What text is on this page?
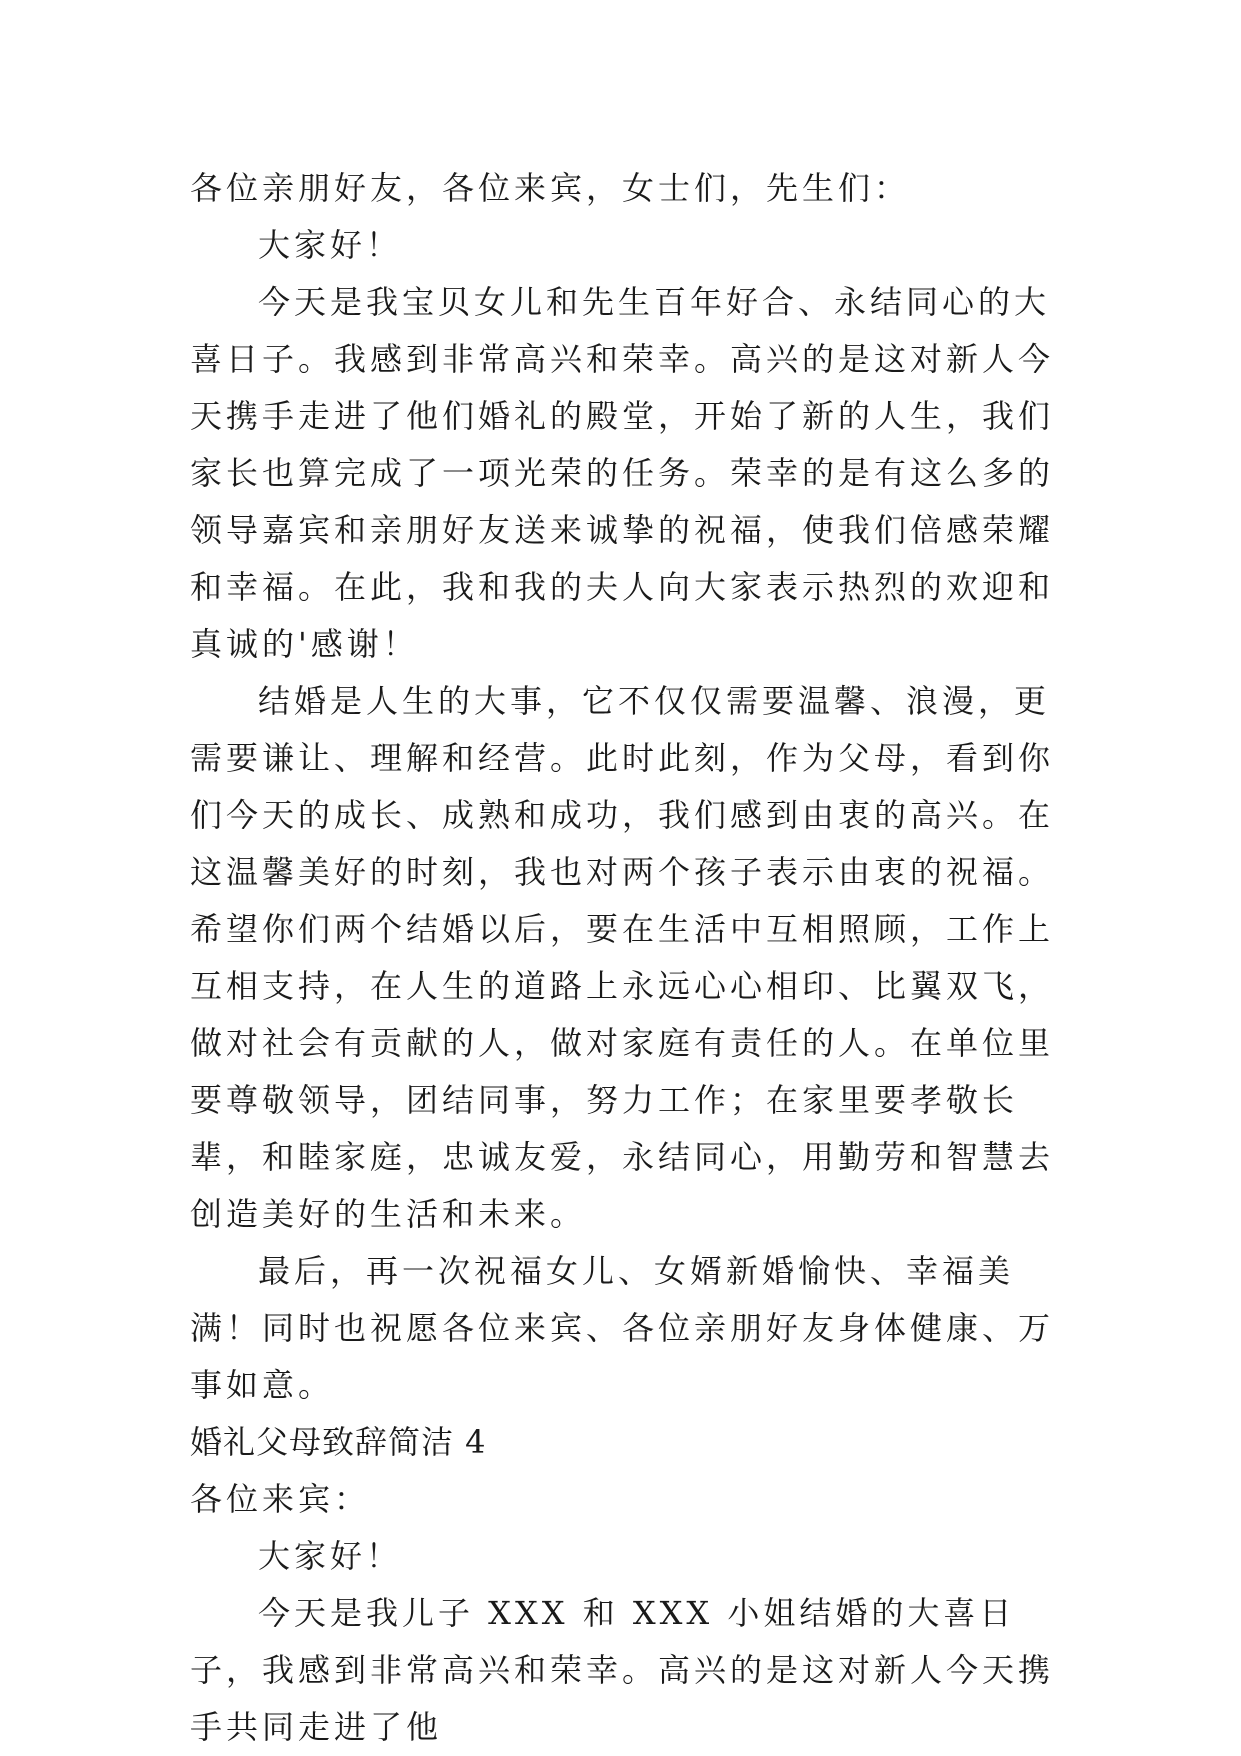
各位亲朋好友，各位来宾，女士们，先生们：

大家好！

今天是我宝贝女儿和先生百年好合、永结同心的大喜日子。我感到非常高兴和荣幸。高兴的是这对新人今天携手走进了他们婚礼的殿堂，开始了新的人生，我们家长也算完成了一项光荣的任务。荣幸的是有这么多的领导嘉宾和亲朋好友送来诚挚的祝福，使我们倍感荣耀和幸福。在此，我和我的夫人向大家表示热烈的欢迎和真诚的'感谢！

结婚是人生的大事，它不仅仅需要温馨、浪漫，更需要谦让、理解和经营。此时此刻，作为父母，看到你们今天的成长、成熟和成功，我们感到由衷的高兴。在这温馨美好的时刻，我也对两个孩子表示由衷的祝福。希望你们两个结婚以后，要在生活中互相照顾，工作上互相支持，在人生的道路上永远心心相印、比翼双飞，做对社会有贡献的人，做对家庭有责任的人。在单位里要尊敬领导，团结同事，努力工作；在家里要孝敬长辈，和睦家庭，忠诚友爱，永结同心，用勤劳和智慧去创造美好的生活和未来。

最后，再一次祝福女儿、女婿新婚愉快、幸福美满！同时也祝愿各位来宾、各位亲朋好友身体健康、万事如意。

婚礼父母致辞简洁 4

各位来宾：

大家好！

今天是我儿子 XXX 和 XXX 小姐结婚的大喜日子，我感到非常高兴和荣幸。高兴的是这对新人今天携手共同走进了他
